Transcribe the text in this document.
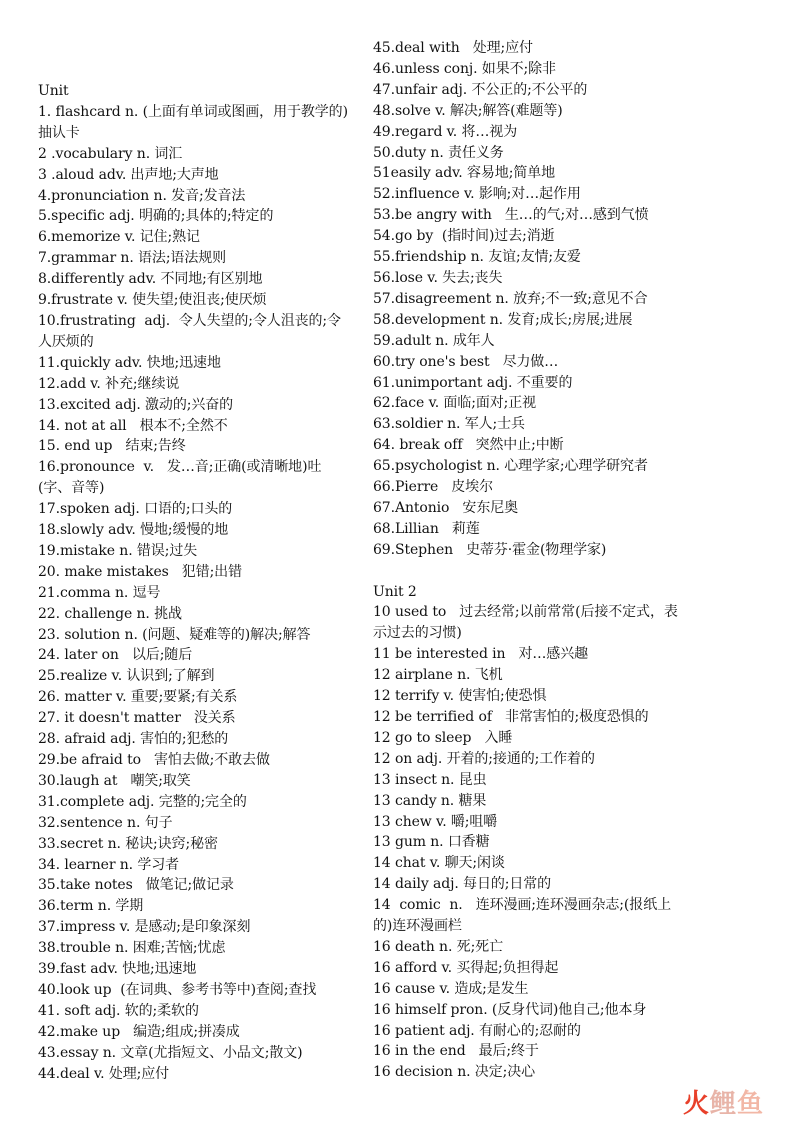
Unit
1. flashcard n. (上面有单词或图画，用于教学的)抽认卡
2 .vocabulary n. 词汇
3 .aloud adv. 出声地;大声地
4.pronunciation n. 发音;发音法
5.specific adj. 明确的;具体的;特定的
6.memorize v. 记住;熟记
7.grammar n. 语法;语法规则
8.differently adv. 不同地;有区别地
9.frustrate v. 使失望;使沮丧;使厌烦
10.frustrating  adj.  令人失望的;令人沮丧的;令人厌烦的
11.quickly adv. 快地;迅速地
12.add v. 补充;继续说
13.excited adj. 激动的;兴奋的
14. not at all   根本不;全然不
15. end up   结束;告终
16.pronounce  v.   发…音;正确(或清晰地)吐(字、音等)
17.spoken adj. 口语的;口头的
18.slowly adv. 慢地;缓慢的地
19.mistake n. 错误;过失
20. make mistakes   犯错;出错
21.comma n. 逗号
22. challenge n. 挑战
23. solution n. (问题、疑难等的)解决;解答
24. later on   以后;随后
25.realize v. 认识到;了解到
26. matter v. 重要;要紧;有关系
27. it doesn't matter   没关系
28. afraid adj. 害怕的;犯愁的
29.be afraid to   害怕去做;不敢去做
30.laugh at   嘲笑;取笑
31.complete adj. 完整的;完全的
32.sentence n. 句子
33.secret n. 秘诀;诀窍;秘密
34. learner n. 学习者
35.take notes   做笔记;做记录
36.term n. 学期
37.impress v. 是感动;是印象深刻
38.trouble n. 困难;苦恼;忧虑
39.fast adv. 快地;迅速地
40.look up  (在词典、参考书等中)查阅;查找
41. soft adj. 软的;柔软的
42.make up   编造;组成;拼凑成
43.essay n. 文章(尤指短文、小品文;散文)
44.deal v. 处理;应付
45.deal with   处理;应付
46.unless conj. 如果不;除非
47.unfair adj. 不公正的;不公平的
48.solve v. 解决;解答(难题等)
49.regard v. 将…视为
50.duty n. 责任义务
51easily adv. 容易地;简单地
52.influence v. 影响;对…起作用
53.be angry with   生…的气;对…感到气愤
54.go by  (指时间)过去;消逝
55.friendship n. 友谊;友情;友爱
56.lose v. 失去;丧失
57.disagreement n. 放弃;不一致;意见不合
58.development n. 发育;成长;房展;进展
59.adult n. 成年人
60.try one's best   尽力做…
61.unimportant adj. 不重要的
62.face v. 面临;面对;正视
63.soldier n. 军人;士兵
64. break off   突然中止;中断
65.psychologist n. 心理学家;心理学研究者
66.Pierre   皮埃尔
67.Antonio   安东尼奥
68.Lillian   莉莲
69.Stephen   史蒂芬·霍金(物理学家)
Unit 2
10 used to   过去经常;以前常常(后接不定式，表示过去的习惯)
11 be interested in   对…感兴趣
12 airplane n. 飞机
12 terrify v. 使害怕;使恐惧
12 be terrified of   非常害怕的;极度恐惧的
12 go to sleep   入睡
12 on adj. 开着的;接通的;工作着的
13 insect n. 昆虫
13 candy n. 糖果
13 chew v. 嚼;咀嚼
13 gum n. 口香糖
14 chat v. 聊天;闲谈
14 daily adj. 每日的;日常的
14  comic  n.   连环漫画;连环漫画杂志;(报纸上的)连环漫画栏
16 death n. 死;死亡
16 afford v. 买得起;负担得起
16 cause v. 造成;是发生
16 himself pron. (反身代词)他自己;他本身
16 patient adj. 有耐心的;忍耐的
16 in the end   最后;终于
16 decision n. 决定;决心
火 鲤 鱼
